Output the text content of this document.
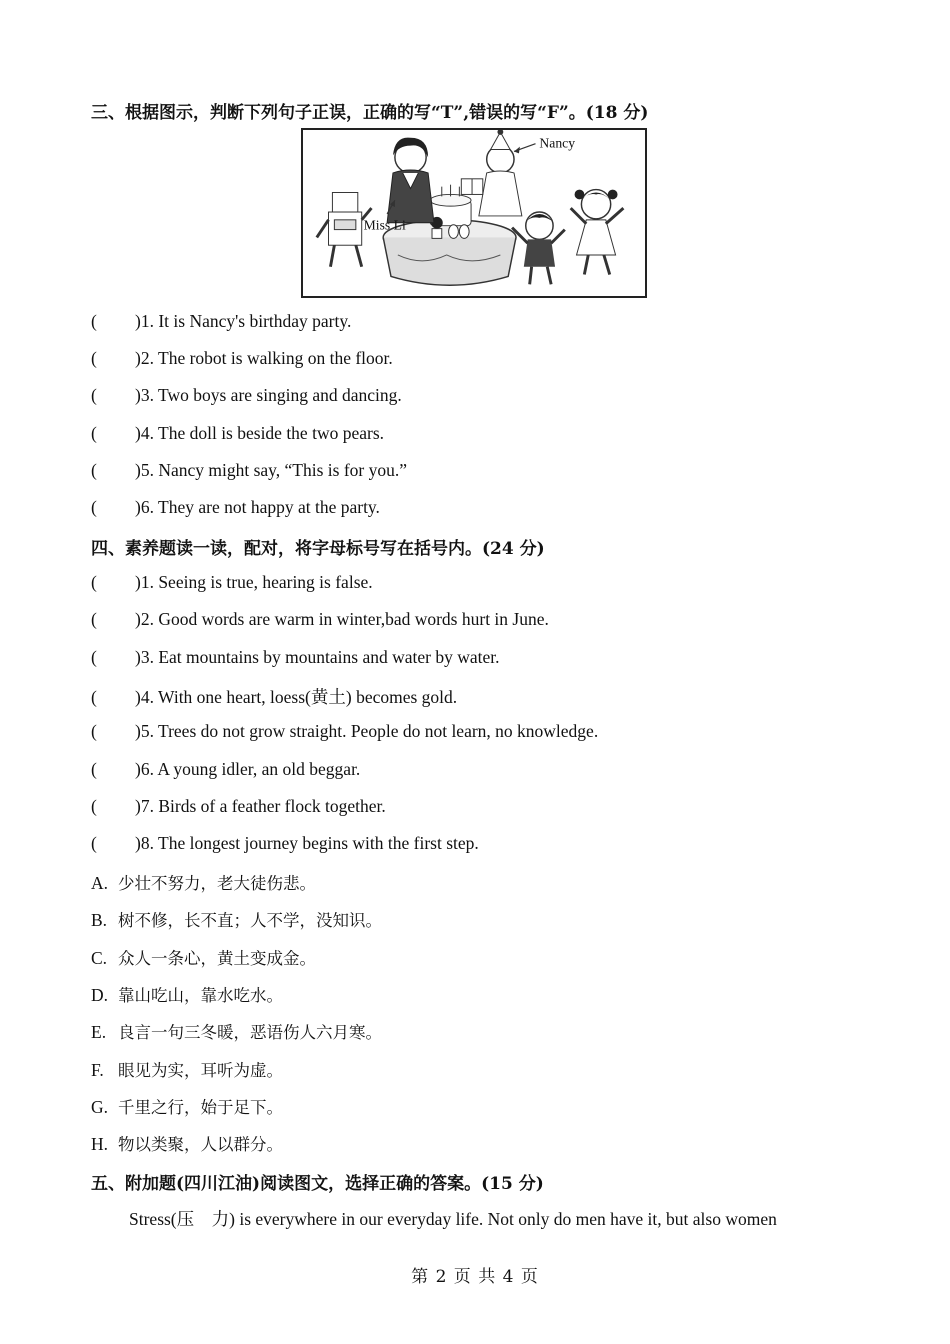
三、根据图示，判断下列句子正误，正确的写“T”,错误的写“F”。(18 分)
Nancy
Miss Li
( )1. It is Nancy's birthday party.
( )2. The robot is walking on the floor.
( )3. Two boys are singing and dancing.
( )4. The doll is beside the two pears.
( )5. Nancy might say, “This is for you.”
( )6. They are not happy at the party.
四、素养题读一读，配对，将字母标号写在括号内。(24 分)
( )1. Seeing is true, hearing is false.
( )2. Good words are warm in winter,bad words hurt in June.
( )3. Eat mountains by mountains and water by water.
( )4. With one heart, loess(黄土) becomes gold.
( )5. Trees do not grow straight. People do not learn, no knowledge.
( )6. A young idler, an old beggar.
( )7. Birds of a feather flock together.
( )8. The longest journey begins with the first step.
A. 少壮不努力，老大徒伤悲。
B. 树不修，长不直；人不学，没知识。
C. 众人一条心，黄土变成金。
D. 靠山吃山，靠水吃水。
E. 良言一句三冬暖，恶语伤人六月寒。
F. 眼见为实，耳听为虚。
G. 千里之行，始于足下。
H. 物以类聚，人以群分。
五、附加题(四川江油)阅读图文，选择正确的答案。(15 分)
Stress(压　力) is everywhere in our everyday life. Not only do men have it, but also women
第 2 页 共 4 页
